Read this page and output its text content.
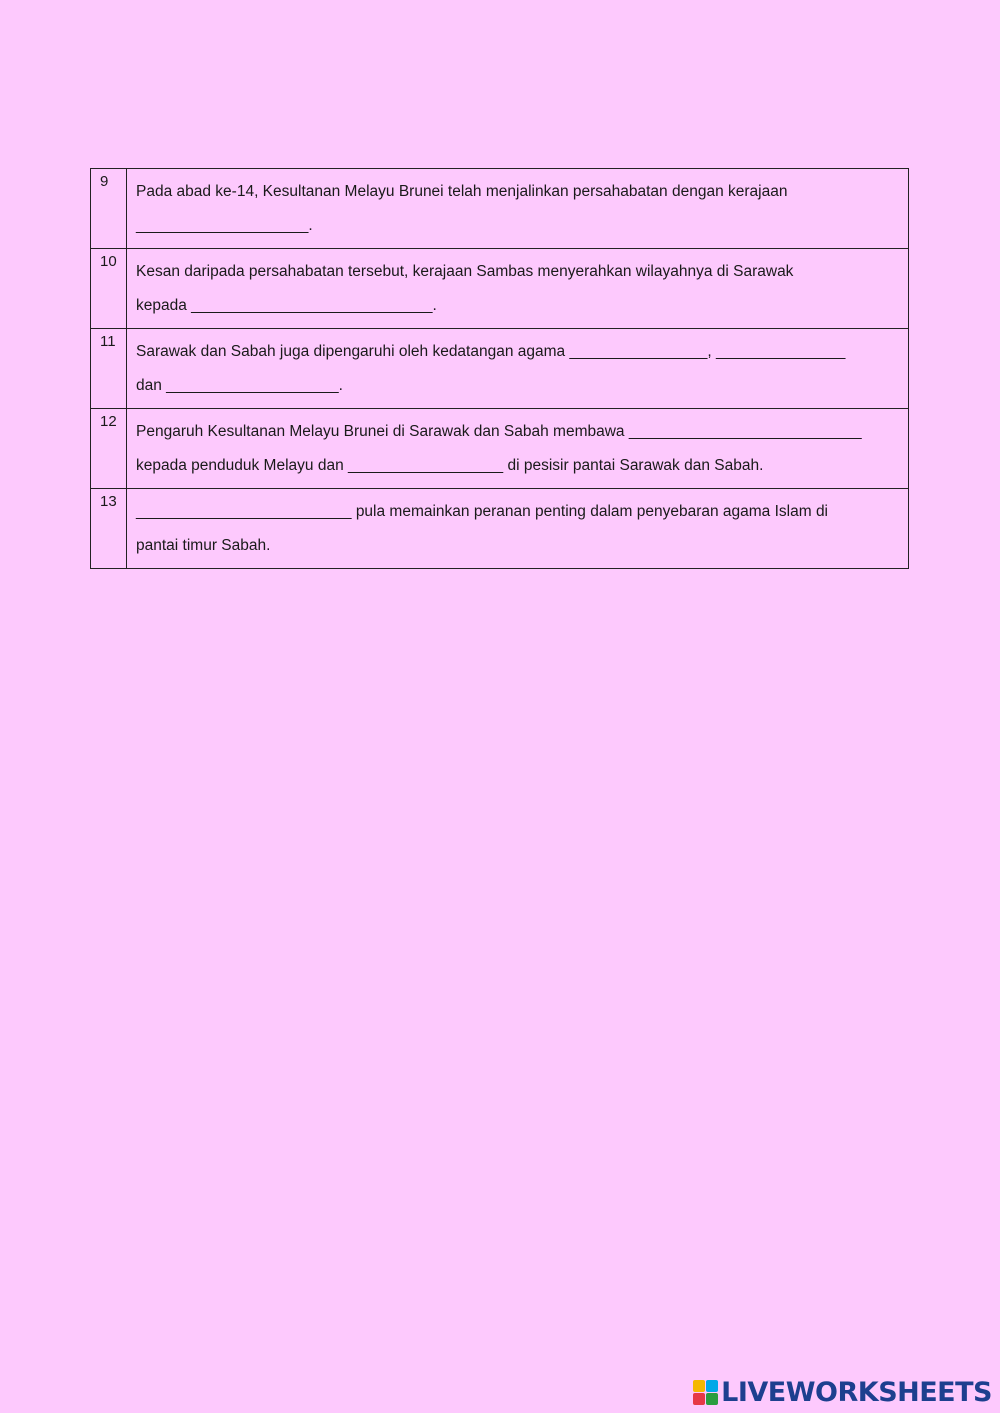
9	Pada abad ke-14, Kesultanan Melayu Brunei telah menjalinkan persahabatan dengan kerajaan
____________________.

10	Kesan daripada persahabatan tersebut, kerajaan Sambas menyerahkan wilayahnya di Sarawak
kepada ____________________________.

11	Sarawak dan Sabah juga dipengaruhi oleh kedatangan agama ________________, _______________
dan ____________________.

12	Pengaruh Kesultanan Melayu Brunei di Sarawak dan Sabah membawa ___________________________
kepada penduduk Melayu dan __________________ di pesisir pantai Sarawak dan Sabah.

13	_________________________ pula memainkan peranan penting dalam penyebaran agama Islam di
pantai timur Sabah.
LIVEWORKSHEETS
